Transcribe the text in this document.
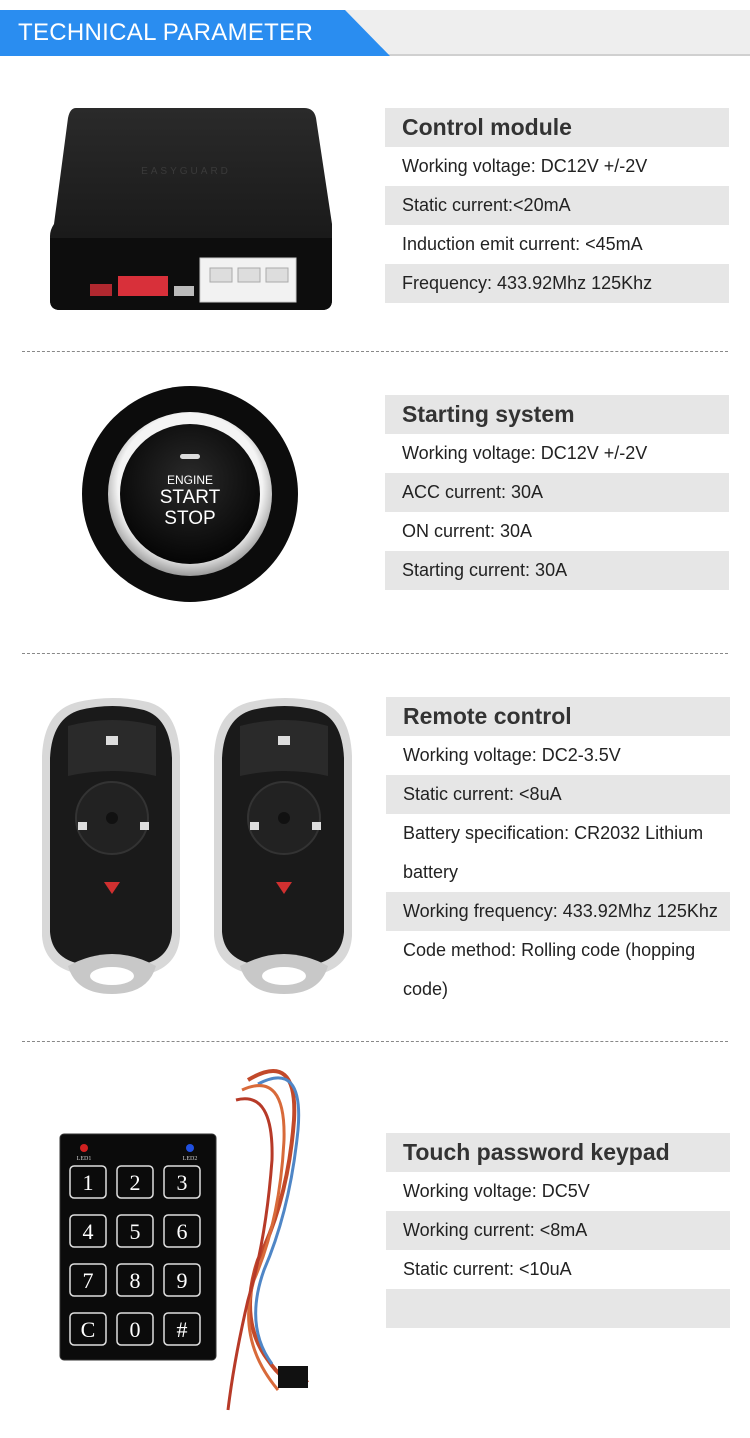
TECHNICAL PARAMETER
EASYGUARD
Control module
Working voltage: DC12V +/-2V
Static current:<20mA
Induction emit current: <45mA
Frequency: 433.92Mhz 125Khz
ENGINE
START
STOP
Starting system
Working voltage: DC12V +/-2V
ACC current: 30A
ON current: 30A
Starting current: 30A
Remote control
Working voltage: DC2-3.5V
Static current: <8uA
Battery specification: CR2032 Lithium
battery
Working frequency: 433.92Mhz 125Khz
Code method: Rolling code (hopping
code)
LED1	LED2
1 2 3
4 5 6
7 8 9
C 0 #
Touch password keypad
Working voltage: DC5V
Working current: <8mA
Static current: <10uA
